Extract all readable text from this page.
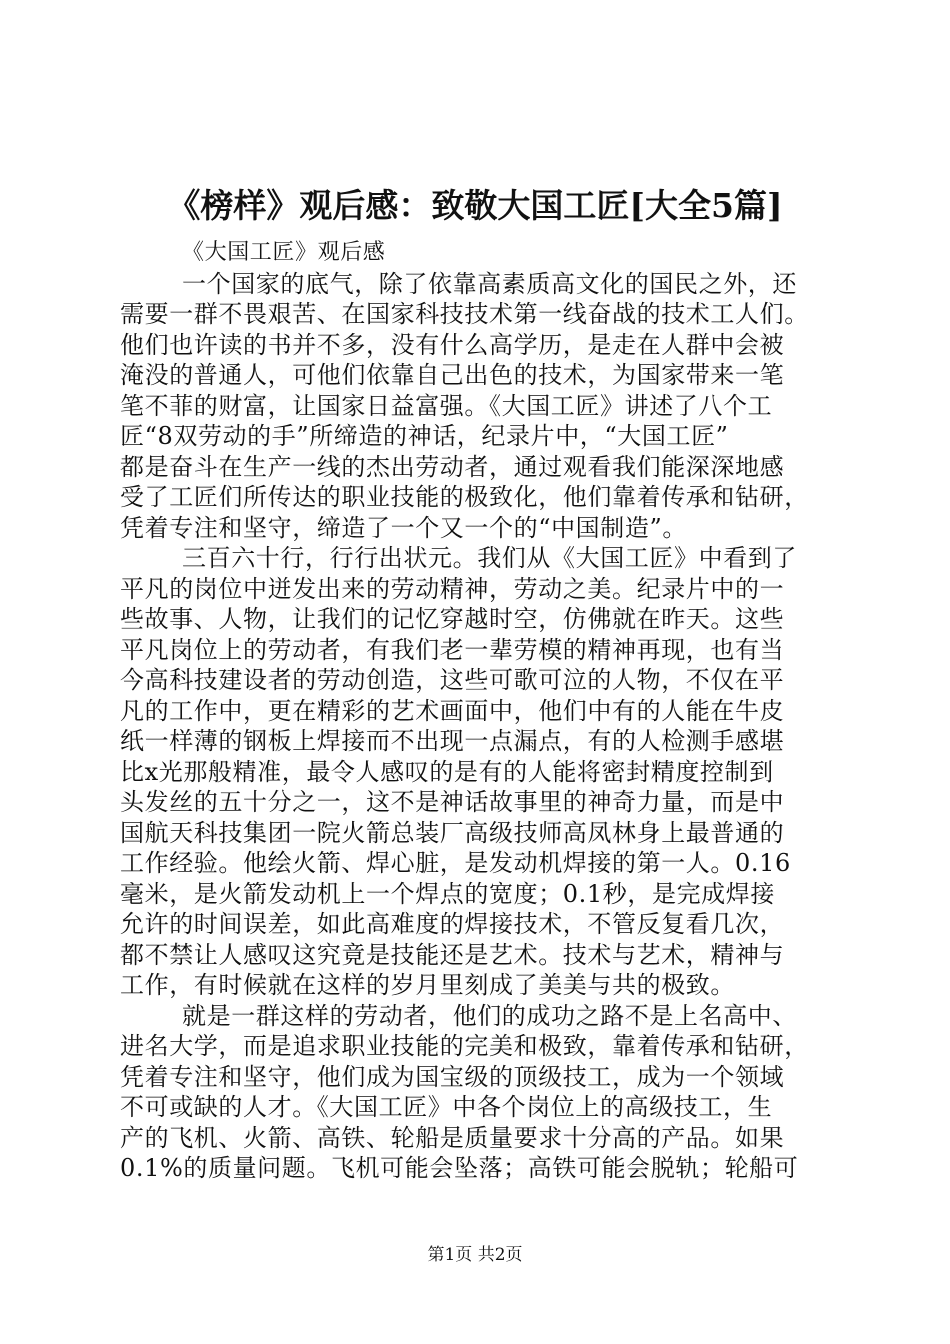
《榜样》观后感：致敬大国工匠[大全5篇]
《大国工匠》观后感
一个国家的底气，除了依靠高素质高文化的国民之外，还
需要一群不畏艰苦、在国家科技技术第一线奋战的技术工人们。
他们也许读的书并不多，没有什么高学历，是走在人群中会被
淹没的普通人，可他们依靠自己出色的技术，为国家带来一笔
笔不菲的财富，让国家日益富强。《大国工匠》讲述了八个工
匠“8双劳动的手”所缔造的神话，纪录片中，“大国工匠”
都是奋斗在生产一线的杰出劳动者，通过观看我们能深深地感
受了工匠们所传达的职业技能的极致化，他们靠着传承和钻研，
凭着专注和坚守，缔造了一个又一个的“中国制造”。
三百六十行，行行出状元。我们从《大国工匠》中看到了
平凡的岗位中迸发出来的劳动精神，劳动之美。纪录片中的一
些故事、人物，让我们的记忆穿越时空，仿佛就在昨天。这些
平凡岗位上的劳动者，有我们老一辈劳模的精神再现，也有当
今高科技建设者的劳动创造，这些可歌可泣的人物，不仅在平
凡的工作中，更在精彩的艺术画面中，他们中有的人能在牛皮
纸一样薄的钢板上焊接而不出现一点漏点，有的人检测手感堪
比x光那般精准，最令人感叹的是有的人能将密封精度控制到
头发丝的五十分之一，这不是神话故事里的神奇力量，而是中
国航天科技集团一院火箭总装厂高级技师高凤林身上最普通的
工作经验。他绘火箭、焊心脏，是发动机焊接的第一人。0.16
毫米，是火箭发动机上一个焊点的宽度；0.1秒，是完成焊接
允许的时间误差，如此高难度的焊接技术，不管反复看几次，
都不禁让人感叹这究竟是技能还是艺术。技术与艺术，精神与
工作，有时候就在这样的岁月里刻成了美美与共的极致。
就是一群这样的劳动者，他们的成功之路不是上名高中、
进名大学，而是追求职业技能的完美和极致，靠着传承和钻研，
凭着专注和坚守，他们成为国宝级的顶级技工，成为一个领域
不可或缺的人才。《大国工匠》中各个岗位上的高级技工，生
产的飞机、火箭、高铁、轮船是质量要求十分高的产品。如果
0.1%的质量问题。飞机可能会坠落；高铁可能会脱轨；轮船可
第1页 共2页
